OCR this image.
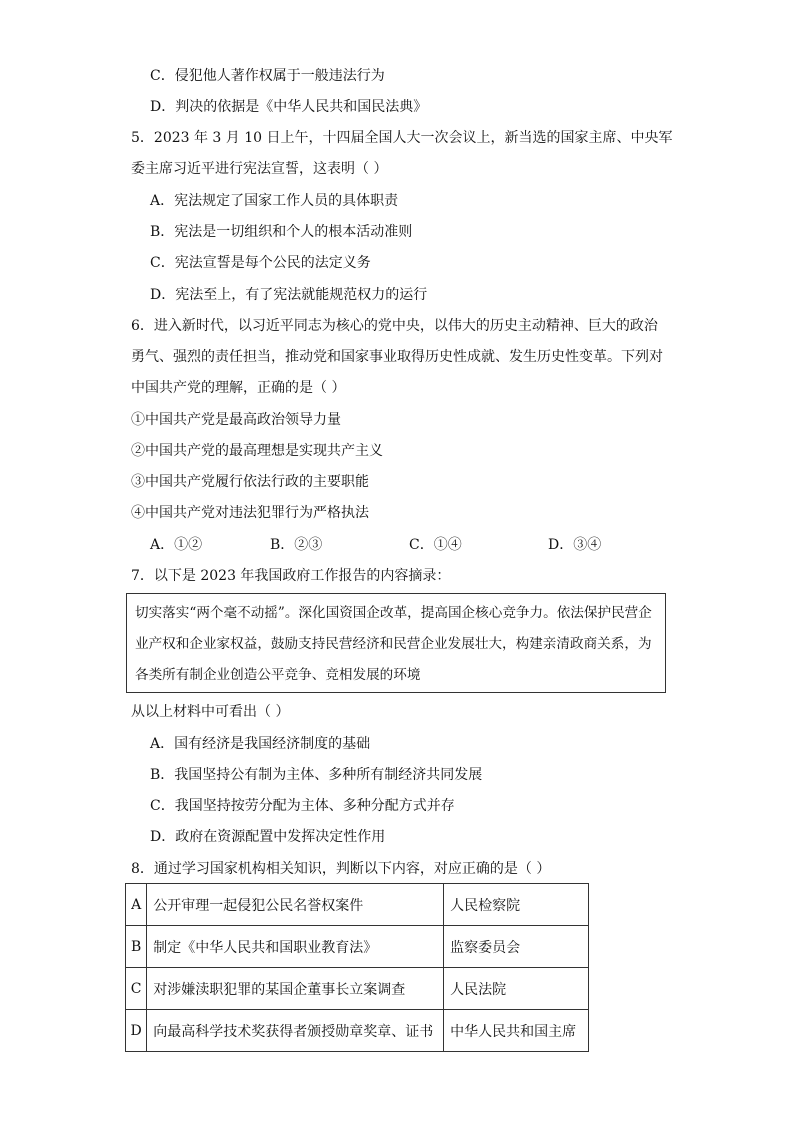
C．侵犯他人著作权属于一般违法行为
D．判决的依据是《中华人民共和国民法典》
5．2023 年 3 月 10 日上午，十四届全国人大一次会议上，新当选的国家主席、中央军
委主席习近平进行宪法宣誓，这表明（ ）
A．宪法规定了国家工作人员的具体职责
B．宪法是一切组织和个人的根本活动准则
C．宪法宣誓是每个公民的法定义务
D．宪法至上，有了宪法就能规范权力的运行
6．进入新时代，以习近平同志为核心的党中央，以伟大的历史主动精神、巨大的政治
勇气、强烈的责任担当，推动党和国家事业取得历史性成就、发生历史性变革。下列对
中国共产党的理解，正确的是（ ）
①中国共产党是最高政治领导力量
②中国共产党的最高理想是实现共产主义
③中国共产党履行依法行政的主要职能
④中国共产党对违法犯罪行为严格执法
A．①②	B．②③	C．①④	D．③④
7．以下是 2023 年我国政府工作报告的内容摘录：
切实落实“两个毫不动摇”。深化国资国企改革，提高国企核心竞争力。依法保护民营企
业产权和企业家权益，鼓励支持民营经济和民营企业发展壮大，构建亲清政商关系，为
各类所有制企业创造公平竞争、竞相发展的环境
从以上材料中可看出（ ）
A．国有经济是我国经济制度的基础
B．我国坚持公有制为主体、多种所有制经济共同发展
C．我国坚持按劳分配为主体、多种分配方式并存
D．政府在资源配置中发挥决定性作用
8．通过学习国家机构相关知识，判断以下内容，对应正确的是（ ）
A	公开审理一起侵犯公民名誉权案件	人民检察院
B	制定《中华人民共和国职业教育法》	监察委员会
C	对涉嫌渎职犯罪的某国企董事长立案调查	人民法院
D	向最高科学技术奖获得者颁授勋章奖章、证书	中华人民共和国主席
